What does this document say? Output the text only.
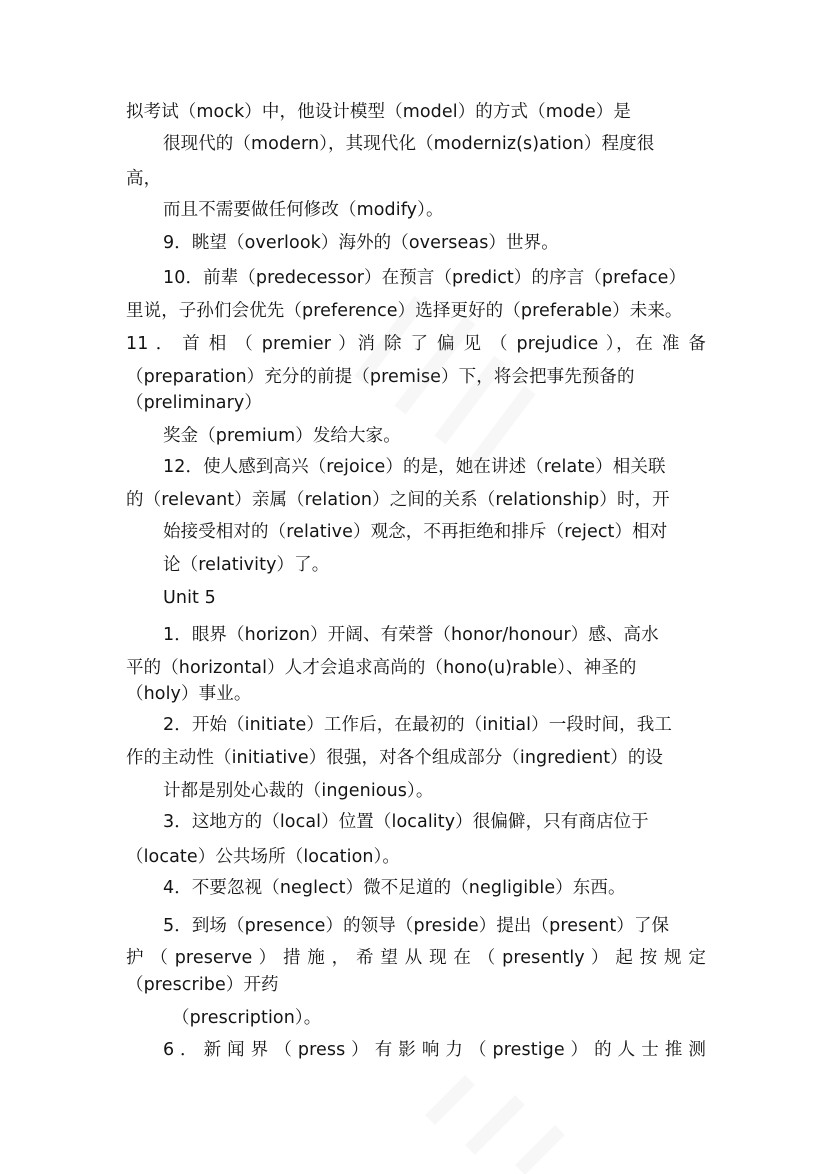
拟考试（mock）中，他设计模型（model）的方式（mode）是
很现代的（modern），其现代化（moderniz(s)ation）程度很
高，
而且不需要做任何修改（modify）。
9．眺望（overlook）海外的（overseas）世界。
10．前辈（predecessor）在预言（predict）的序言（preface）
里说，子孙们会优先（preference）选择更好的（preferable）未来。
11 ． 首 相 （ premier ）消 除 了 偏 见 （ prejudice ），在 准 备
（preparation）充分的前提（premise）下，将会把事先预备的
（preliminary）
奖金（premium）发给大家。
12．使人感到高兴（rejoice）的是，她在讲述（relate）相关联
的（relevant）亲属（relation）之间的关系（relationship）时，开
始接受相对的（relative）观念，不再拒绝和排斥（reject）相对
论（relativity）了。
Unit 5
1．眼界（horizon）开阔、有荣誉（honor/honour）感、高水
平的（horizontal）人才会追求高尚的（hono(u)rable）、神圣的
（holy）事业。
2．开始（initiate）工作后，在最初的（initial）一段时间，我工
作的主动性（initiative）很强，对各个组成部分（ingredient）的设
计都是别处心裁的（ingenious）。
3．这地方的（local）位置（locality）很偏僻，只有商店位于
（locate）公共场所（location）。
4．不要忽视（neglect）微不足道的（negligible）东西。
5．到场（presence）的领导（preside）提出（present）了保
护 （ preserve ） 措 施 ， 希 望 从 现 在 （ presently ） 起 按 规 定
（prescribe）开药
（prescription）。
6 ． 新 闻 界 （ press ） 有 影 响 力 （ prestige ） 的 人 士 推 测
